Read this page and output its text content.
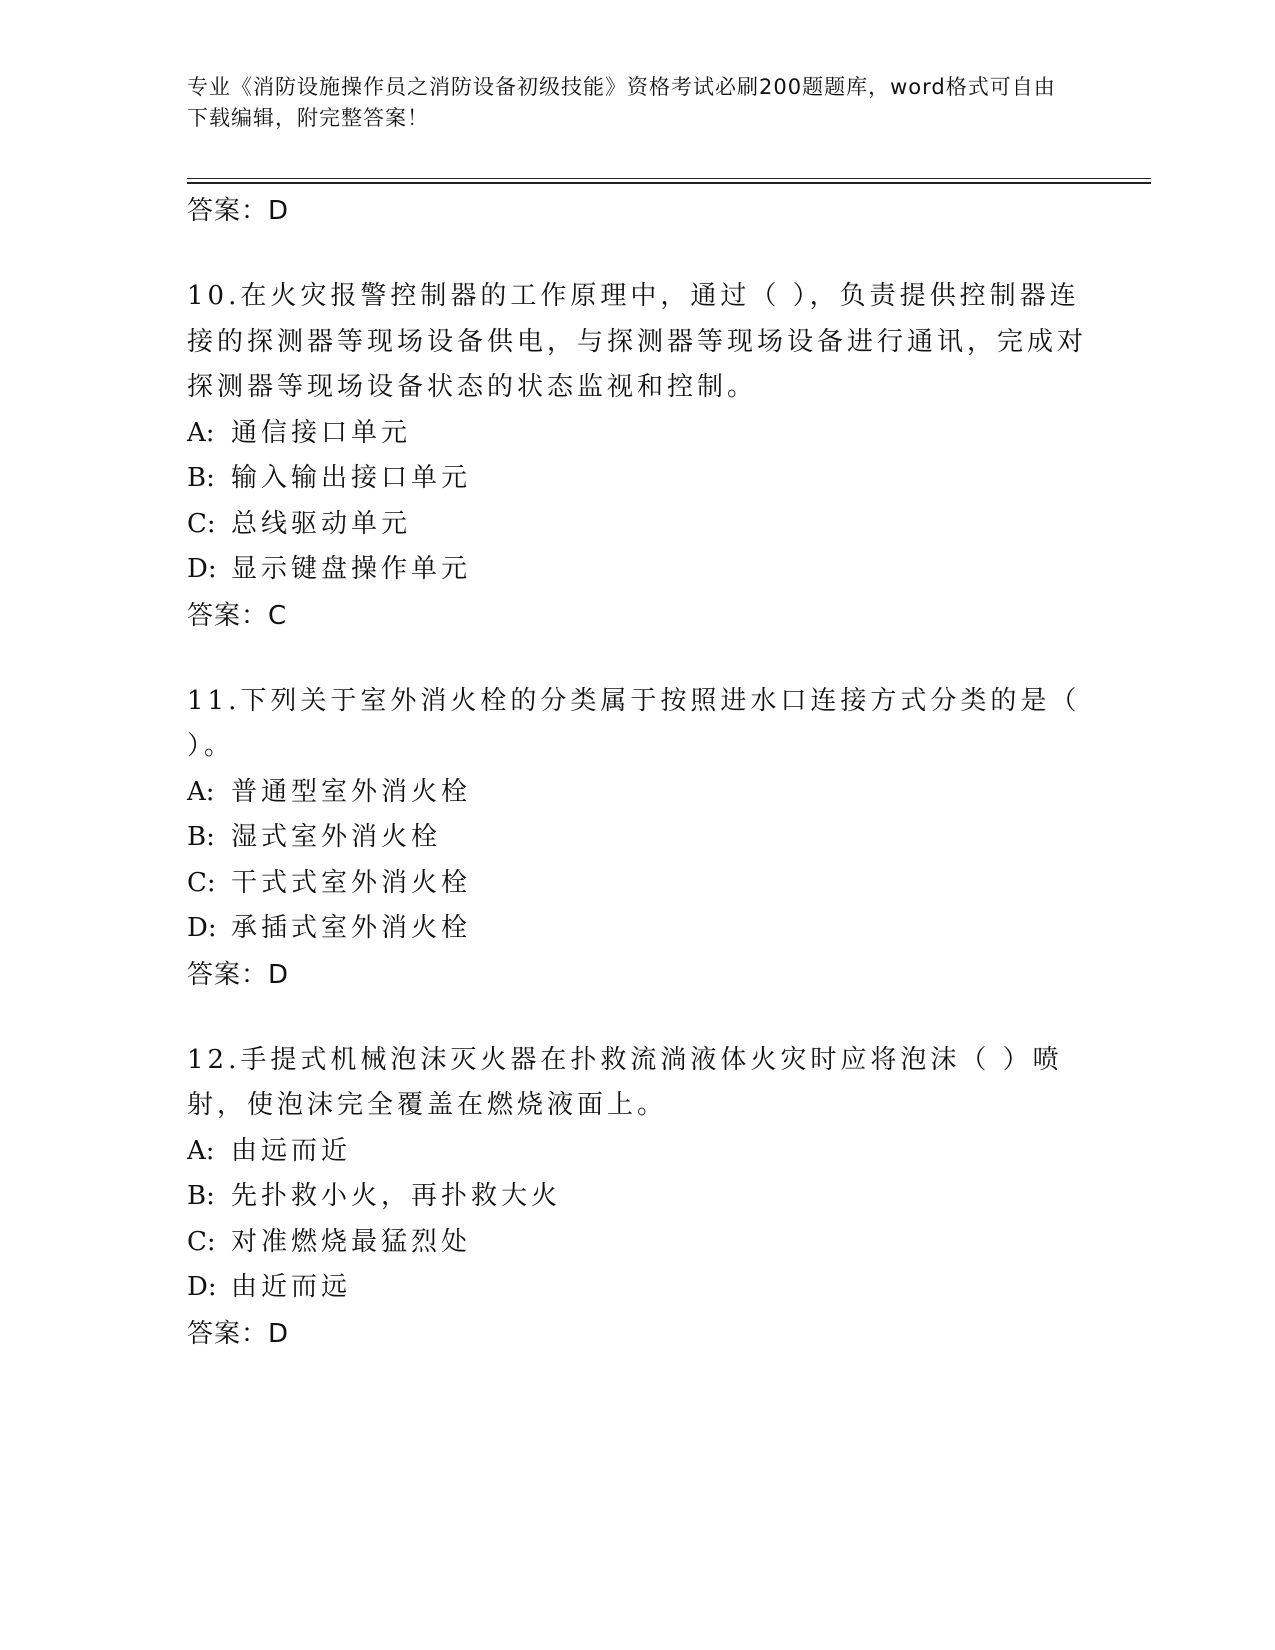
专业《消防设施操作员之消防设备初级技能》资格考试必刷200题题库，word格式可自由下载编辑，附完整答案！
答案：D
10.在火灾报警控制器的工作原理中，通过（ ），负责提供控制器连接的探测器等现场设备供电，与探测器等现场设备进行通讯，完成对探测器等现场设备状态的状态监视和控制。
A: 通信接口单元
B: 输入输出接口单元
C: 总线驱动单元
D: 显示键盘操作单元
答案：C
11.下列关于室外消火栓的分类属于按照进水口连接方式分类的是（ ）。
A: 普通型室外消火栓
B: 湿式室外消火栓
C: 干式式室外消火栓
D: 承插式室外消火栓
答案：D
12.手提式机械泡沫灭火器在扑救流淌液体火灾时应将泡沫（ ）喷射，使泡沫完全覆盖在燃烧液面上。
A: 由远而近
B: 先扑救小火，再扑救大火
C: 对准燃烧最猛烈处
D: 由近而远
答案：D
